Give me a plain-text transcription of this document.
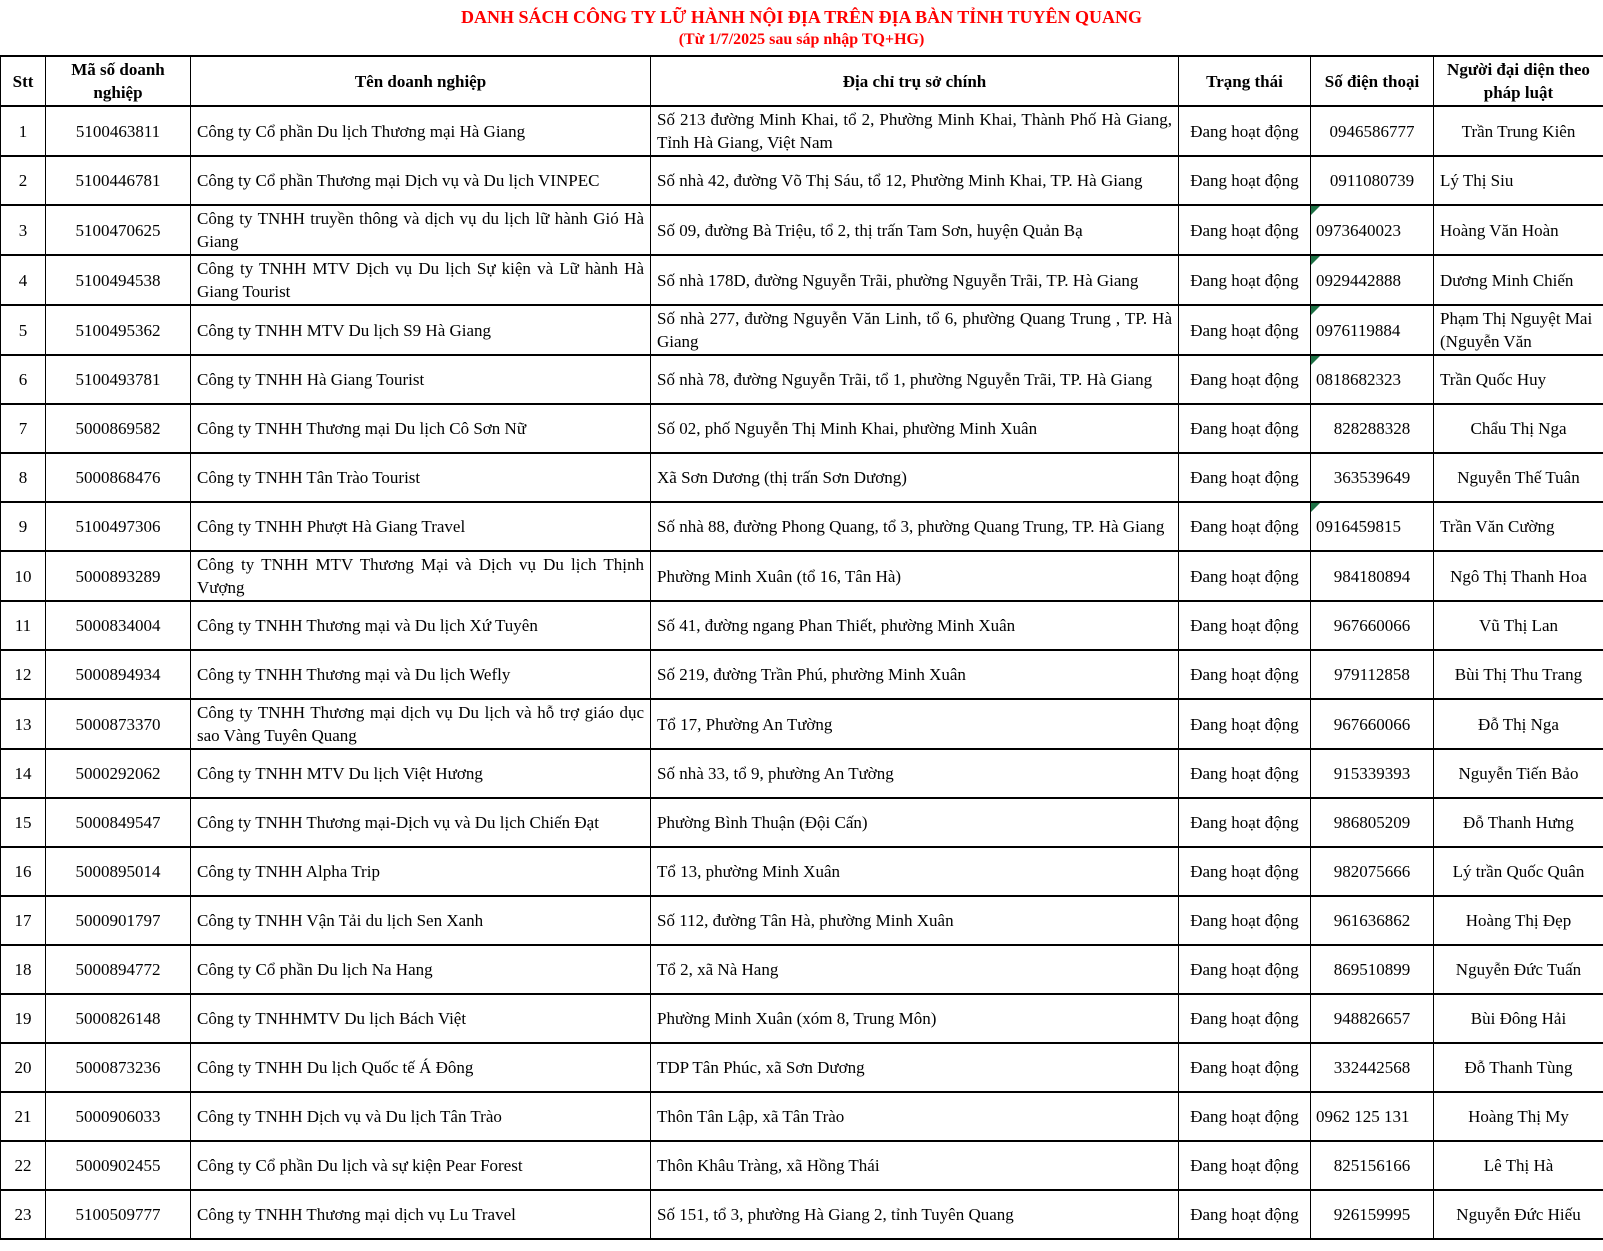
DANH SÁCH CÔNG TY LỮ HÀNH NỘI ĐỊA TRÊN ĐỊA BÀN TỈNH TUYÊN QUANG
(Từ 1/7/2025 sau sáp nhập TQ+HG)
Stt	Mã số doanh nghiệp	Tên doanh nghiệp	Địa chỉ trụ sở chính	Trạng thái	Số điện thoại	Người đại diện theo pháp luật
1	5100463811	Công ty Cổ phần Du lịch Thương mại Hà Giang	Số 213 đường Minh Khai, tổ 2, Phường Minh Khai, Thành Phố Hà Giang, Tỉnh Hà Giang, Việt Nam	Đang hoạt động	0946586777	Trần Trung Kiên
2	5100446781	Công ty Cổ phần Thương mại Dịch vụ và Du lịch VINPEC	Số nhà 42, đường Võ Thị Sáu, tổ 12, Phường Minh Khai, TP. Hà Giang	Đang hoạt động	0911080739	Lý Thị Siu
3	5100470625	Công ty TNHH truyền thông và dịch vụ du lịch lữ hành Gió Hà Giang	Số 09, đường Bà Triệu, tổ 2, thị trấn Tam Sơn, huyện Quản Bạ	Đang hoạt động	0973640023	Hoàng Văn Hoàn
4	5100494538	Công ty TNHH MTV Dịch vụ Du lịch Sự kiện và Lữ hành Hà Giang Tourist	Số nhà 178D, đường Nguyễn Trãi, phường Nguyễn Trãi, TP. Hà Giang	Đang hoạt động	0929442888	Dương Minh Chiến
5	5100495362	Công ty TNHH MTV Du lịch S9 Hà Giang	Số nhà 277, đường Nguyễn Văn Linh, tổ 6, phường Quang Trung , TP. Hà Giang	Đang hoạt động	0976119884	Phạm Thị Nguyệt Mai (Nguyễn Văn
6	5100493781	Công ty TNHH Hà Giang Tourist	Số nhà 78, đường Nguyễn Trãi, tổ 1, phường Nguyễn Trãi, TP. Hà Giang	Đang hoạt động	0818682323	Trần Quốc Huy
7	5000869582	Công ty TNHH Thương mại Du lịch Cô Sơn Nữ	Số 02, phố Nguyễn Thị Minh Khai, phường Minh Xuân	Đang hoạt động	828288328	Chẩu Thị Nga
8	5000868476	Công ty TNHH Tân Trào Tourist	Xã Sơn Dương (thị trấn Sơn Dương)	Đang hoạt động	363539649	Nguyễn Thế Tuân
9	5100497306	Công ty TNHH Phượt Hà Giang Travel	Số nhà 88, đường Phong Quang, tổ 3, phường Quang Trung, TP. Hà Giang	Đang hoạt động	0916459815	Trần Văn Cường
10	5000893289	Công ty TNHH MTV Thương Mại và Dịch vụ Du lịch Thịnh Vượng	Phường Minh Xuân (tổ 16, Tân Hà)	Đang hoạt động	984180894	Ngô Thị Thanh Hoa
11	5000834004	Công ty TNHH Thương mại và Du lịch Xứ Tuyên	Số 41, đường ngang Phan Thiết, phường Minh Xuân	Đang hoạt động	967660066	Vũ Thị Lan
12	5000894934	Công ty TNHH Thương mại và Du lịch Wefly	Số 219, đường Trần Phú, phường Minh Xuân	Đang hoạt động	979112858	Bùi Thị Thu Trang
13	5000873370	Công ty TNHH Thương mại dịch vụ Du lịch và hỗ trợ giáo dục sao Vàng Tuyên Quang	Tổ 17, Phường An Tường	Đang hoạt động	967660066	Đỗ Thị Nga
14	5000292062	Công ty TNHH MTV Du lịch Việt Hương	Số nhà 33, tổ 9, phường An Tường	Đang hoạt động	915339393	Nguyễn Tiến Bảo
15	5000849547	Công ty TNHH Thương mại-Dịch vụ và Du lịch Chiến Đạt	Phường Bình Thuận (Đội Cấn)	Đang hoạt động	986805209	Đỗ Thanh Hưng
16	5000895014	Công ty TNHH Alpha Trip	Tổ 13, phường Minh Xuân	Đang hoạt động	982075666	Lý trần Quốc Quân
17	5000901797	Công ty TNHH Vận Tải du lịch Sen Xanh	Số 112, đường Tân Hà, phường Minh Xuân	Đang hoạt động	961636862	Hoàng Thị Đẹp
18	5000894772	Công ty Cổ phần Du lịch Na Hang	Tổ 2, xã Nà Hang	Đang hoạt động	869510899	Nguyễn Đức Tuấn
19	5000826148	Công ty TNHHMTV Du lịch Bách Việt	Phường Minh Xuân (xóm 8, Trung Môn)	Đang hoạt động	948826657	Bùi Đông Hải
20	5000873236	Công ty TNHH Du lịch Quốc tế Á Đông	TDP Tân Phúc, xã Sơn Dương	Đang hoạt động	332442568	Đỗ Thanh Tùng
21	5000906033	Công ty TNHH Dịch vụ và Du lịch Tân Trào	Thôn Tân Lập, xã Tân Trào	Đang hoạt động	0962 125 131	Hoàng Thị My
22	5000902455	Công ty Cổ phần Du lịch và sự kiện Pear Forest	Thôn Khâu Tràng, xã Hồng Thái	Đang hoạt động	825156166	Lê Thị Hà
23	5100509777	Công ty TNHH Thương mại dịch vụ Lu Travel	Số 151, tổ 3, phường Hà Giang 2, tỉnh Tuyên Quang	Đang hoạt động	926159995	Nguyễn Đức Hiếu
